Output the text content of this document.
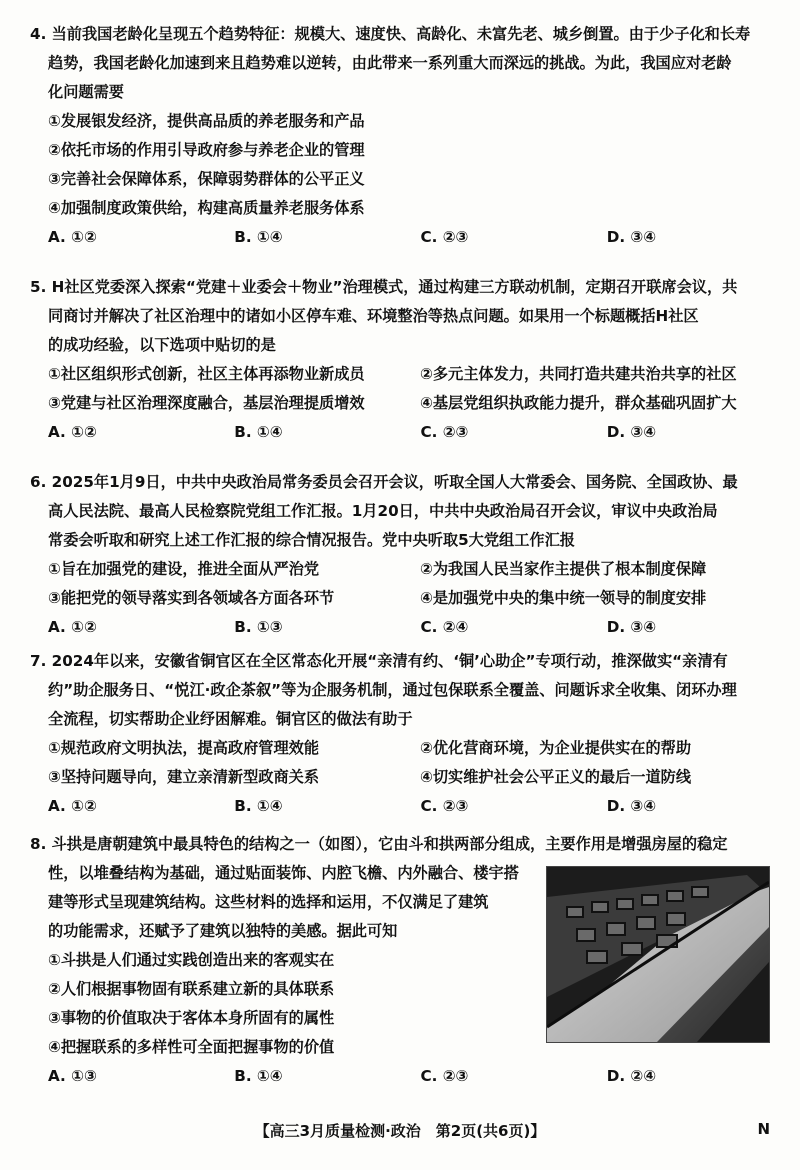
4. 当前我国老龄化呈现五个趋势特征：规模大、速度快、高龄化、未富先老、城乡倒置。由于少子化和长寿
趋势，我国老龄化加速到来且趋势难以逆转，由此带来一系列重大而深远的挑战。为此，我国应对老龄
化问题需要
①发展银发经济，提供高品质的养老服务和产品
②依托市场的作用引导政府参与养老企业的管理
③完善社会保障体系，保障弱势群体的公平正义
④加强制度政策供给，构建高质量养老服务体系
A. ①②	B. ①④	C. ②③	D. ③④
5. H社区党委深入探索“党建＋业委会＋物业”治理模式，通过构建三方联动机制，定期召开联席会议，共
同商讨并解决了社区治理中的诸如小区停车难、环境整治等热点问题。如果用一个标题概括H社区
的成功经验，以下选项中贴切的是
①社区组织形式创新，社区主体再添物业新成员	②多元主体发力，共同打造共建共治共享的社区
③党建与社区治理深度融合，基层治理提质增效	④基层党组织执政能力提升，群众基础巩固扩大
A. ①②	B. ①④	C. ②③	D. ③④
6. 2025年1月9日，中共中央政治局常务委员会召开会议，听取全国人大常委会、国务院、全国政协、最
高人民法院、最高人民检察院党组工作汇报。1月20日，中共中央政治局召开会议，审议中央政治局
常委会听取和研究上述工作汇报的综合情况报告。党中央听取5大党组工作汇报
①旨在加强党的建设，推进全面从严治党	②为我国人民当家作主提供了根本制度保障
③能把党的领导落实到各领域各方面各环节	④是加强党中央的集中统一领导的制度安排
A. ①②	B. ①③	C. ②④	D. ③④
7. 2024年以来，安徽省铜官区在全区常态化开展“亲清有约、‘铜’心助企”专项行动，推深做实“亲清有
约”助企服务日、“悦江·政企茶叙”等为企服务机制，通过包保联系全覆盖、问题诉求全收集、闭环办理
全流程，切实帮助企业纾困解难。铜官区的做法有助于
①规范政府文明执法，提高政府管理效能	②优化营商环境，为企业提供实在的帮助
③坚持问题导向，建立亲清新型政商关系	④切实维护社会公平正义的最后一道防线
A. ①②	B. ①④	C. ②③	D. ③④
8. 斗拱是唐朝建筑中最具特色的结构之一（如图），它由斗和拱两部分组成，主要作用是增强房屋的稳定
性，以堆叠结构为基础，通过贴面装饰、内腔飞檐、内外融合、楼宇搭
建等形式呈现建筑结构。这些材料的选择和运用，不仅满足了建筑
的功能需求，还赋予了建筑以独特的美感。据此可知
①斗拱是人们通过实践创造出来的客观实在
②人们根据事物固有联系建立新的具体联系
③事物的价值取决于客体本身所固有的属性
④把握联系的多样性可全面把握事物的价值
A. ①③	B. ①④	C. ②③	D. ②④
【高三3月质量检测·政治　第2页(共6页)】	N
